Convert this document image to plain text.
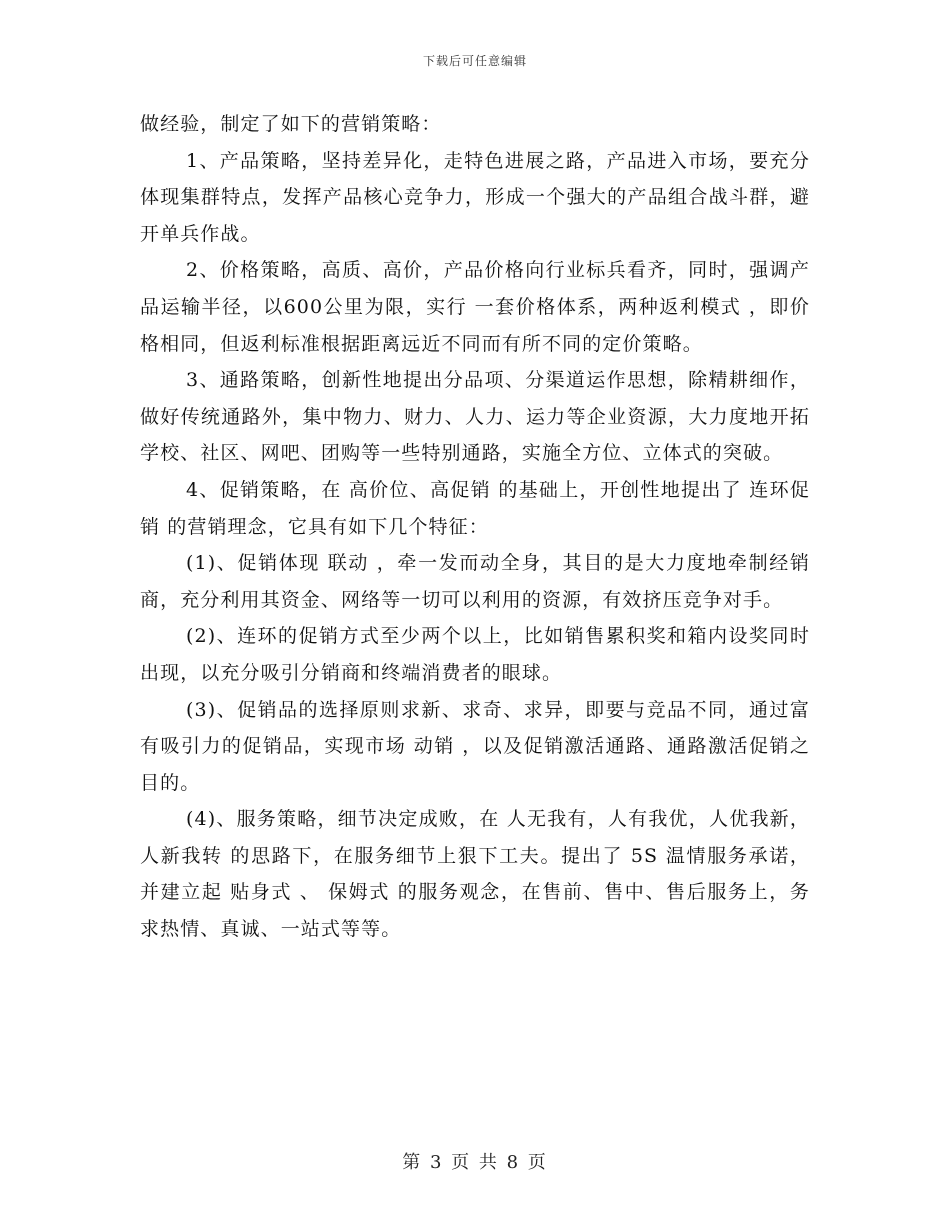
下载后可任意编辑

做经验，制定了如下的营销策略：

1、产品策略，坚持差异化，走特色进展之路，产品进入市场，要充分体现集群特点，发挥产品核心竞争力，形成一个强大的产品组合战斗群，避开单兵作战。

2、价格策略，高质、高价，产品价格向行业标兵看齐，同时，强调产品运输半径，以600公里为限，实行 一套价格体系，两种返利模式 ，即价格相同，但返利标准根据距离远近不同而有所不同的定价策略。

3、通路策略，创新性地提出分品项、分渠道运作思想，除精耕细作，做好传统通路外，集中物力、财力、人力、运力等企业资源，大力度地开拓学校、社区、网吧、团购等一些特别通路，实施全方位、立体式的突破。

4、促销策略，在 高价位、高促销 的基础上，开创性地提出了 连环促销 的营销理念，它具有如下几个特征：

(1)、促销体现 联动 ，牵一发而动全身，其目的是大力度地牵制经销商，充分利用其资金、网络等一切可以利用的资源，有效挤压竞争对手。

(2)、连环的促销方式至少两个以上，比如销售累积奖和箱内设奖同时出现，以充分吸引分销商和终端消费者的眼球。

(3)、促销品的选择原则求新、求奇、求异，即要与竞品不同，通过富有吸引力的促销品，实现市场 动销 ，以及促销激活通路、通路激活促销之目的。

(4)、服务策略，细节决定成败，在 人无我有，人有我优，人优我新，人新我转 的思路下，在服务细节上狠下工夫。提出了 5S 温情服务承诺，并建立起 贴身式 、 保姆式 的服务观念，在售前、售中、售后服务上，务求热情、真诚、一站式等等。

第 3 页 共 8 页
